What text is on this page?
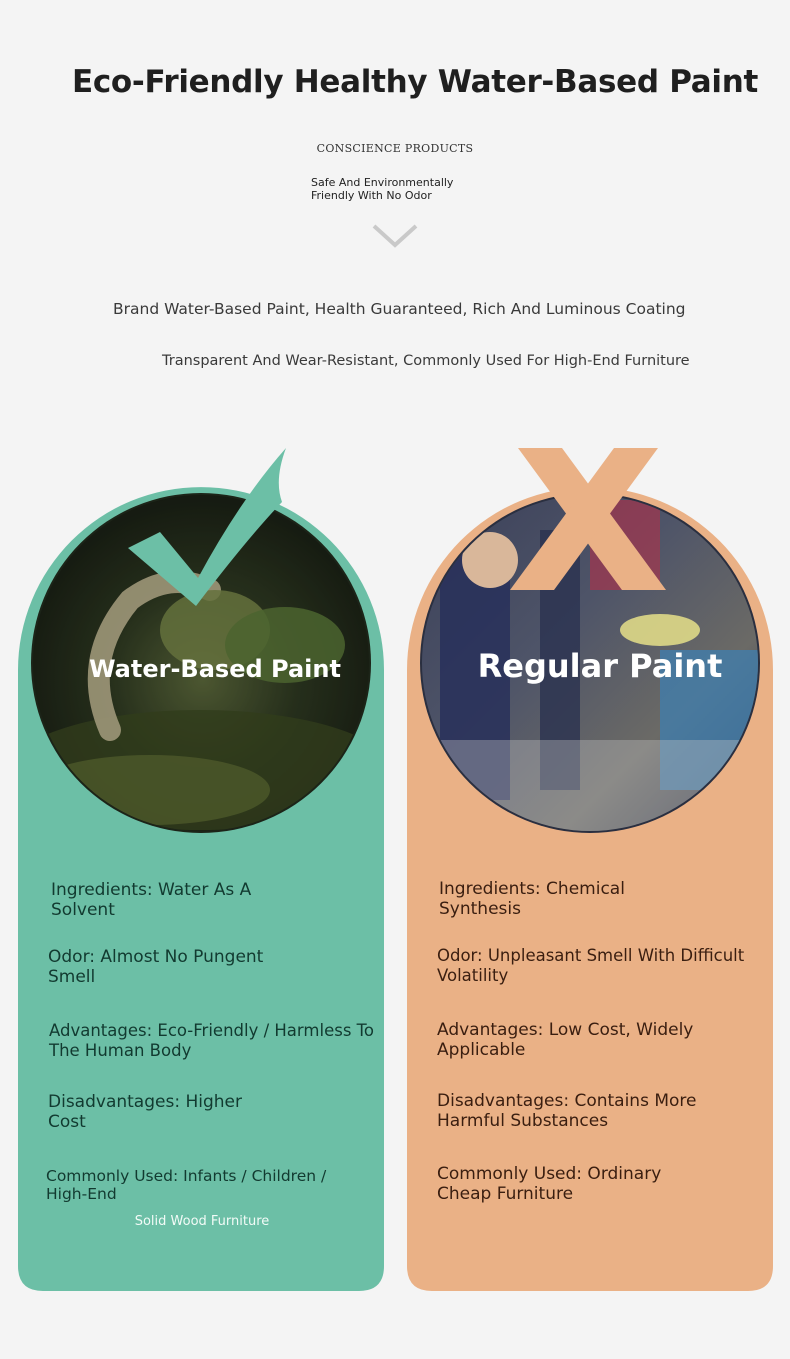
Eco-Friendly Healthy Water-Based Paint
CONSCIENCE PRODUCTS
Safe And Environmentally
Friendly With No Odor
Brand Water-Based Paint, Health Guaranteed, Rich And Luminous Coating
Transparent And Wear-Resistant, Commonly Used For High-End Furniture
Water-Based Paint	Regular Paint
Ingredients: Water As A
Solvent
Odor: Almost No Pungent
Smell
Advantages: Eco-Friendly / Harmless To
The Human Body
Disadvantages: Higher
Cost
Commonly Used: Infants / Children /
High-End
Solid Wood Furniture
Ingredients: Chemical
Synthesis
Odor: Unpleasant Smell With Difficult
Volatility
Advantages: Low Cost, Widely
Applicable
Disadvantages: Contains More
Harmful Substances
Commonly Used: Ordinary
Cheap Furniture
